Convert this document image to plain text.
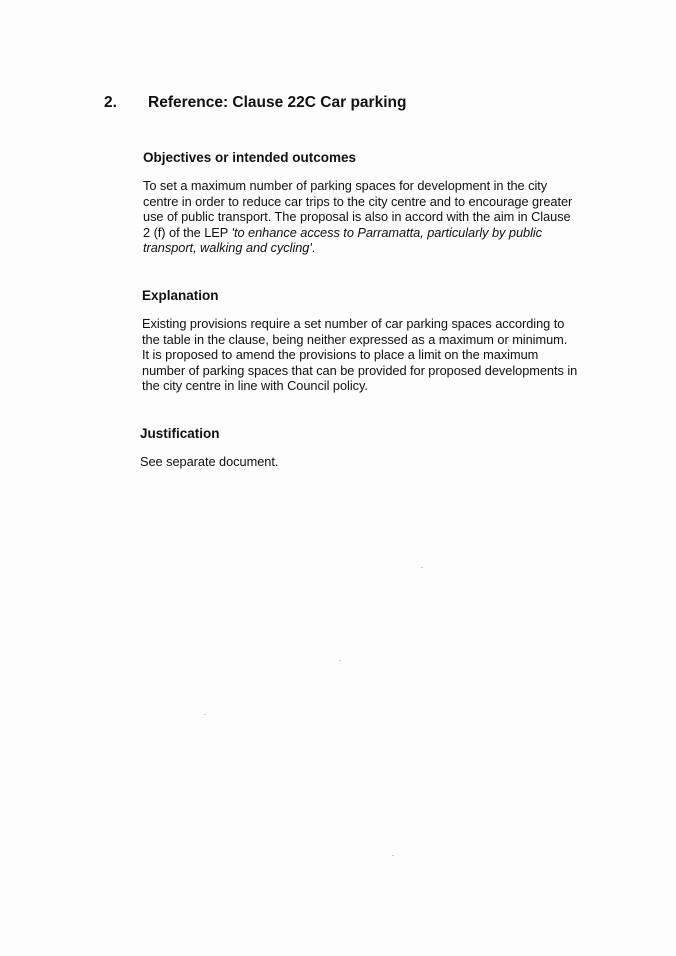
2.	Reference: Clause 22C Car parking
Objectives or intended outcomes

To set a maximum number of parking spaces for development in the city
centre in order to reduce car trips to the city centre and to encourage greater
use of public transport. The proposal is also in accord with the aim in Clause
2 (f) of the LEP 'to enhance access to Parramatta, particularly by public
transport, walking and cycling'.

Explanation

Existing provisions require a set number of car parking spaces according to
the table in the clause, being neither expressed as a maximum or minimum.
It is proposed to amend the provisions to place a limit on the maximum
number of parking spaces that can be provided for proposed developments in
the city centre in line with Council policy.

Justification

See separate document.
